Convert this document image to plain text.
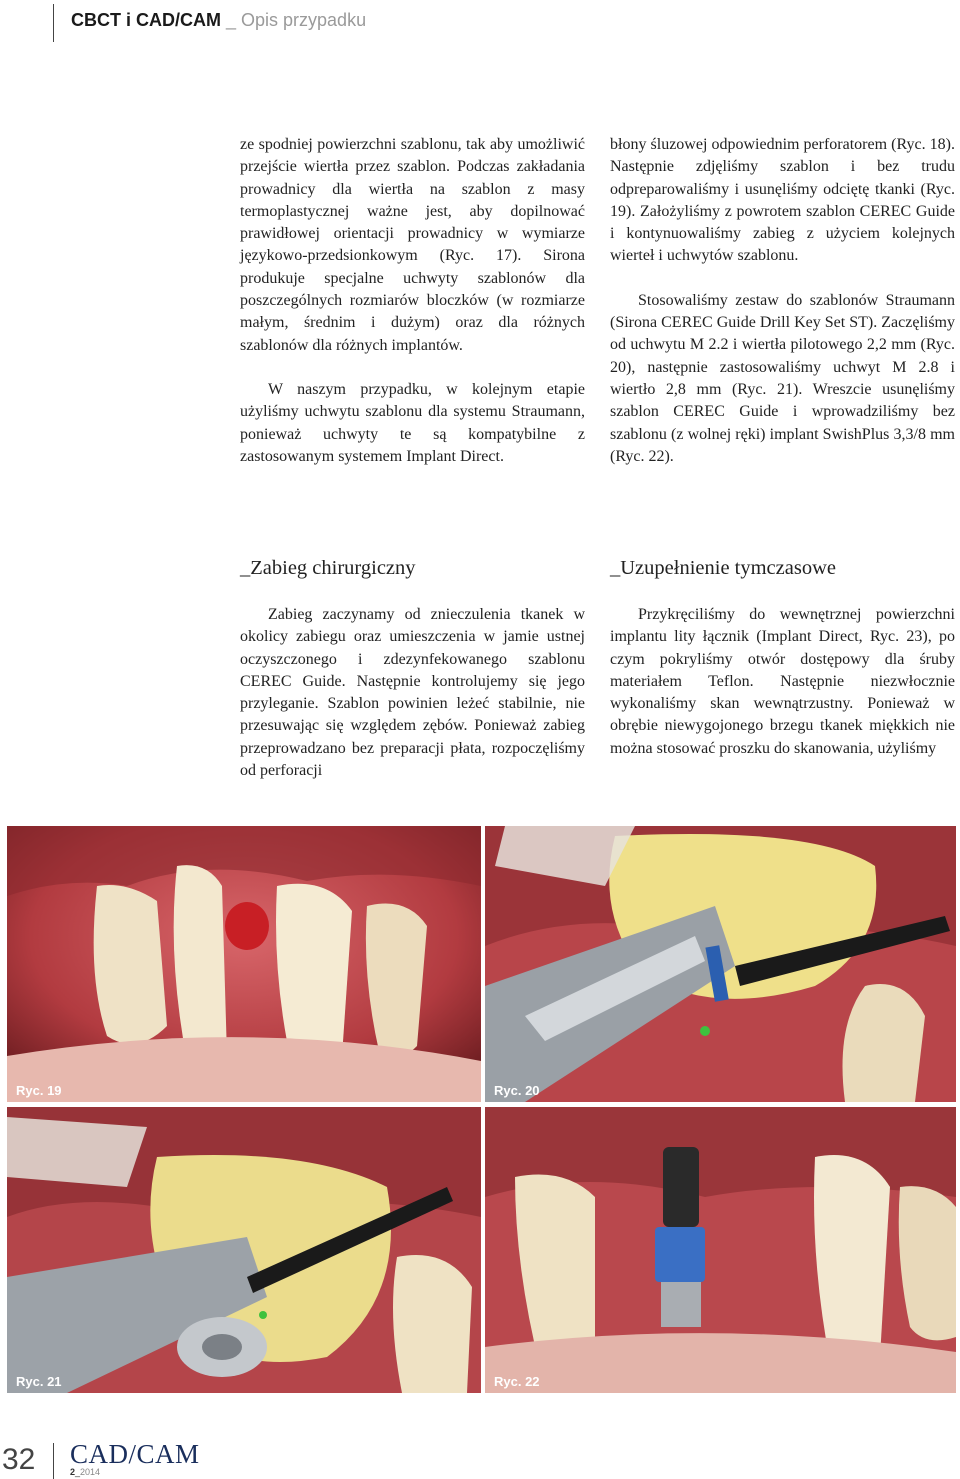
CBCT i CAD/CAM _ Opis przypadku

ze spodniej powierzchni szablonu, tak aby umożliwić przejście wiertła przez szablon. Podczas zakładania prowadnicy dla wiertła na szablon z masy termoplastycznej ważne jest, aby dopilnować prawidłowej orientacji prowadnicy w wymiarze językowo-przedsionkowym (Ryc. 17). Sirona produkuje specjalne uchwyty szablonów dla poszczególnych rozmiarów bloczków (w rozmiarze małym, średnim i dużym) oraz dla różnych szablonów dla różnych implantów.

W naszym przypadku, w kolejnym etapie użyliśmy uchwytu szablonu dla systemu Straumann, ponieważ uchwyty te są kompatybilne z zastosowanym systemem Implant Direct.

błony śluzowej odpowiednim perforatorem (Ryc. 18). Następnie zdjęliśmy szablon i bez trudu odpreparowaliśmy i usunęliśmy odciętę tkanki (Ryc. 19). Założyliśmy z powrotem szablon CEREC Guide i kontynuowaliśmy zabieg z użyciem kolejnych wierteł i uchwytów szablonu.

Stosowaliśmy zestaw do szablonów Straumann (Sirona CEREC Guide Drill Key Set ST). Zaczęliśmy od uchwytu M 2.2 i wiertła pilotowego 2,2 mm (Ryc. 20), następnie zastosowaliśmy uchwyt M 2.8 i wiertło 2,8 mm (Ryc. 21). Wreszcie usunęliśmy szablon CEREC Guide i wprowadziliśmy bez szablonu (z wolnej ręki) implant SwishPlus 3,3/8 mm (Ryc. 22).

_Zabieg chirurgiczny	_Uzupełnienie tymczasowe

Zabieg zaczynamy od znieczulenia tkanek w okolicy zabiegu oraz umieszczenia w jamie ustnej oczyszczonego i zdezynfekowanego szablonu CEREC Guide. Następnie kontrolujemy się jego przyleganie. Szablon powinien leżeć stabilnie, nie przesuwając się względem zębów. Ponieważ zabieg przeprowadzano bez preparacji płata, rozpoczęliśmy od perforacji

Przykręciliśmy do wewnętrznej powierzchni implantu lity łącznik (Implant Direct, Ryc. 23), po czym pokryliśmy otwór dostępowy dla śruby materiałem Teflon. Następnie niezwłocznie wykonaliśmy skan wewnątrzustny. Ponieważ w obrębie niewygojonego brzegu tkanek miękkich nie można stosować proszku do skanowania, użyliśmy

Ryc. 19	Ryc. 20
Ryc. 21	Ryc. 22
32 CAD/CAM
2_2014
